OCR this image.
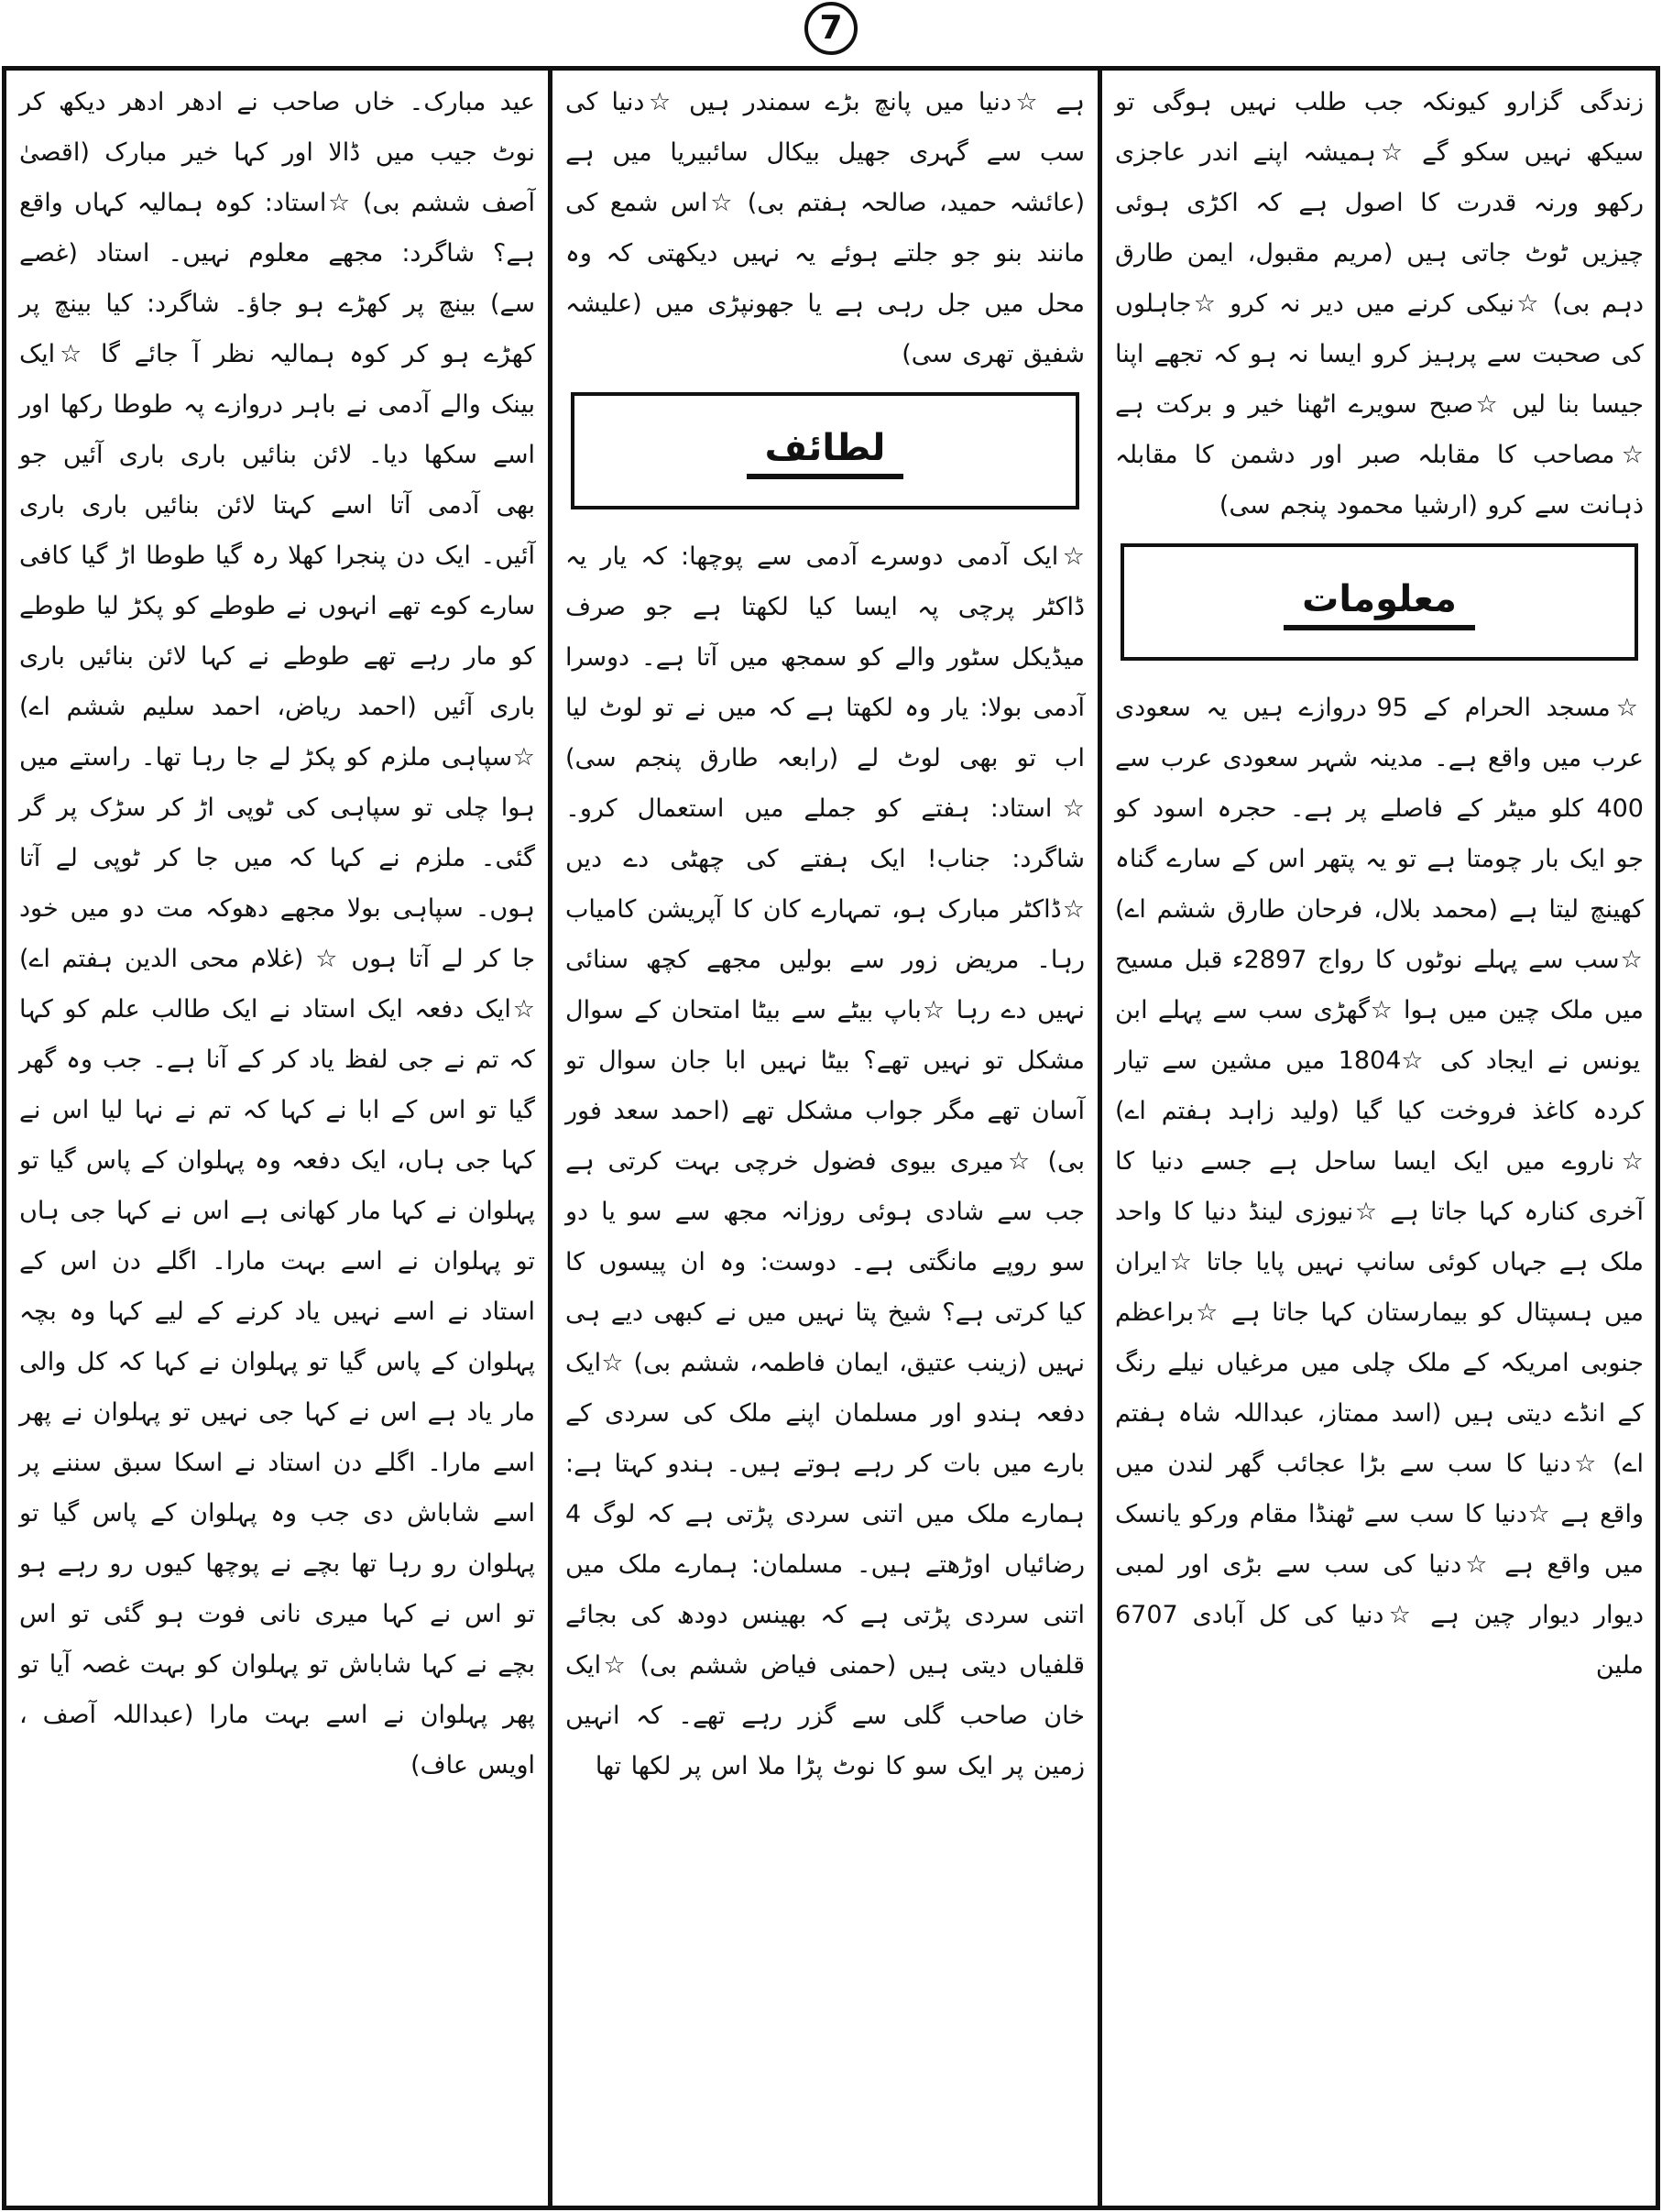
7

زندگی گزارو کیونکہ جب طلب نہیں ہوگی تو سیکھ نہیں سکو گے ☆ہمیشہ اپنے اندر عاجزی رکھو ورنہ قدرت کا اصول ہے کہ اکڑی ہوئی چیزیں ٹوٹ جاتی ہیں (مریم مقبول، ایمن طارق دہم بی) ☆نیکی کرنے میں دیر نہ کرو ☆جاہلوں کی صحبت سے پرہیز کرو ایسا نہ ہو کہ تجھے اپنا جیسا بنا لیں ☆صبح سویرے اٹھنا خیر و برکت ہے ☆مصاحب کا مقابلہ صبر اور دشمن کا مقابلہ ذہانت سے کرو (ارشیا محمود پنجم سی)

معلومات

☆مسجد الحرام کے 95 دروازے ہیں یہ سعودی عرب میں واقع ہے۔ مدینہ شہر سعودی عرب سے 400 کلو میٹر کے فاصلے پر ہے۔ حجرہ اسود کو جو ایک بار چومتا ہے تو یہ پتھر اس کے سارے گناہ کھینچ لیتا ہے (محمد بلال، فرحان طارق ششم اے) ☆سب سے پہلے نوٹوں کا رواج 2897ء قبل مسیح میں ملک چین میں ہوا ☆گھڑی سب سے پہلے ابن یونس نے ایجاد کی ☆1804 میں مشین سے تیار کردہ کاغذ فروخت کیا گیا (ولید زاہد ہفتم اے) ☆ناروے میں ایک ایسا ساحل ہے جسے دنیا کا آخری کنارہ کہا جاتا ہے ☆نیوزی لینڈ دنیا کا واحد ملک ہے جہاں کوئی سانپ نہیں پایا جاتا ☆ایران میں ہسپتال کو بیمارستان کہا جاتا ہے ☆براعظم جنوبی امریکہ کے ملک چلی میں مرغیاں نیلے رنگ کے انڈے دیتی ہیں (اسد ممتاز، عبداللہ شاہ ہفتم اے) ☆دنیا کا سب سے بڑا عجائب گھر لندن میں واقع ہے ☆دنیا کا سب سے ٹھنڈا مقام ورکو یانسک میں واقع ہے ☆دنیا کی سب سے بڑی اور لمبی دیوار دیوار چین ہے ☆دنیا کی کل آبادی 6707 ملین

ہے ☆دنیا میں پانچ بڑے سمندر ہیں ☆دنیا کی سب سے گہری جھیل بیکال سائبیریا میں ہے (عائشہ حمید، صالحہ ہفتم بی) ☆اس شمع کی مانند بنو جو جلتے ہوئے یہ نہیں دیکھتی کہ وہ محل میں جل رہی ہے یا جھونپڑی میں (علیشہ شفیق تھری سی)

لطائف

☆ایک آدمی دوسرے آدمی سے پوچھا: کہ یار یہ ڈاکٹر پرچی پہ ایسا کیا لکھتا ہے جو صرف میڈیکل سٹور والے کو سمجھ میں آتا ہے۔ دوسرا آدمی بولا: یار وہ لکھتا ہے کہ میں نے تو لوٹ لیا اب تو بھی لوٹ لے (رابعہ طارق پنجم سی) ☆استاد: ہفتے کو جملے میں استعمال کرو۔ شاگرد: جناب! ایک ہفتے کی چھٹی دے دیں ☆ڈاکٹر مبارک ہو، تمہارے کان کا آپریشن کامیاب رہا۔ مریض زور سے بولیں مجھے کچھ سنائی نہیں دے رہا ☆باپ بیٹے سے بیٹا امتحان کے سوال مشکل تو نہیں تھے؟ بیٹا نہیں ابا جان سوال تو آسان تھے مگر جواب مشکل تھے (احمد سعد فور بی) ☆میری بیوی فضول خرچی بہت کرتی ہے جب سے شادی ہوئی روزانہ مجھ سے سو یا دو سو روپے مانگتی ہے۔ دوست: وہ ان پیسوں کا کیا کرتی ہے؟ شیخ پتا نہیں میں نے کبھی دیے ہی نہیں (زینب عتیق، ایمان فاطمہ، ششم بی) ☆ایک دفعہ ہندو اور مسلمان اپنے ملک کی سردی کے بارے میں بات کر رہے ہوتے ہیں۔ ہندو کہتا ہے: ہمارے ملک میں اتنی سردی پڑتی ہے کہ لوگ 4 رضائیاں اوڑھتے ہیں۔ مسلمان: ہمارے ملک میں اتنی سردی پڑتی ہے کہ بھینس دودھ کی بجائے قلفیاں دیتی ہیں (حمنی فیاض ششم بی) ☆ایک خان صاحب گلی سے گزر رہے تھے۔ کہ انہیں زمین پر ایک سو کا نوٹ پڑا ملا اس پر لکھا تھا

عید مبارک۔ خاں صاحب نے ادھر ادھر دیکھ کر نوٹ جیب میں ڈالا اور کہا خیر مبارک (اقصیٰ آصف ششم بی) ☆استاد: کوہ ہمالیہ کہاں واقع ہے؟ شاگرد: مجھے معلوم نہیں۔ استاد (غصے سے) بینچ پر کھڑے ہو جاؤ۔ شاگرد: کیا بینچ پر کھڑے ہو کر کوہ ہمالیہ نظر آ جائے گا ☆ایک بینک والے آدمی نے باہر دروازے پہ طوطا رکھا اور اسے سکھا دیا۔ لائن بنائیں باری باری آئیں جو بھی آدمی آتا اسے کہتا لائن بنائیں باری باری آئیں۔ ایک دن پنجرا کھلا رہ گیا طوطا اڑ گیا کافی سارے کوے تھے انہوں نے طوطے کو پکڑ لیا طوطے کو مار رہے تھے طوطے نے کہا لائن بنائیں باری باری آئیں (احمد ریاض، احمد سلیم ششم اے) ☆سپاہی ملزم کو پکڑ لے جا رہا تھا۔ راستے میں ہوا چلی تو سپاہی کی ٹوپی اڑ کر سڑک پر گر گئی۔ ملزم نے کہا کہ میں جا کر ٹوپی لے آتا ہوں۔ سپاہی بولا مجھے دھوکہ مت دو میں خود جا کر لے آتا ہوں ☆ (غلام محی الدین ہفتم اے) ☆ایک دفعہ ایک استاد نے ایک طالب علم کو کہا کہ تم نے جی لفظ یاد کر کے آنا ہے۔ جب وہ گھر گیا تو اس کے ابا نے کہا کہ تم نے نہا لیا اس نے کہا جی ہاں، ایک دفعہ وہ پہلوان کے پاس گیا تو پہلوان نے کہا مار کھانی ہے اس نے کہا جی ہاں تو پہلوان نے اسے بہت مارا۔ اگلے دن اس کے استاد نے اسے نہیں یاد کرنے کے لیے کہا وہ بچہ پہلوان کے پاس گیا تو پہلوان نے کہا کہ کل والی مار یاد ہے اس نے کہا جی نہیں تو پہلوان نے پھر اسے مارا۔ اگلے دن استاد نے اسکا سبق سننے پر اسے شاباش دی جب وہ پہلوان کے پاس گیا تو پہلوان رو رہا تھا بچے نے پوچھا کیوں رو رہے ہو تو اس نے کہا میری نانی فوت ہو گئی تو اس بچے نے کہا شاباش تو پہلوان کو بہت غصہ آیا تو پھر پہلوان نے اسے بہت مارا (عبداللہ آصف ، اویس عاف)
